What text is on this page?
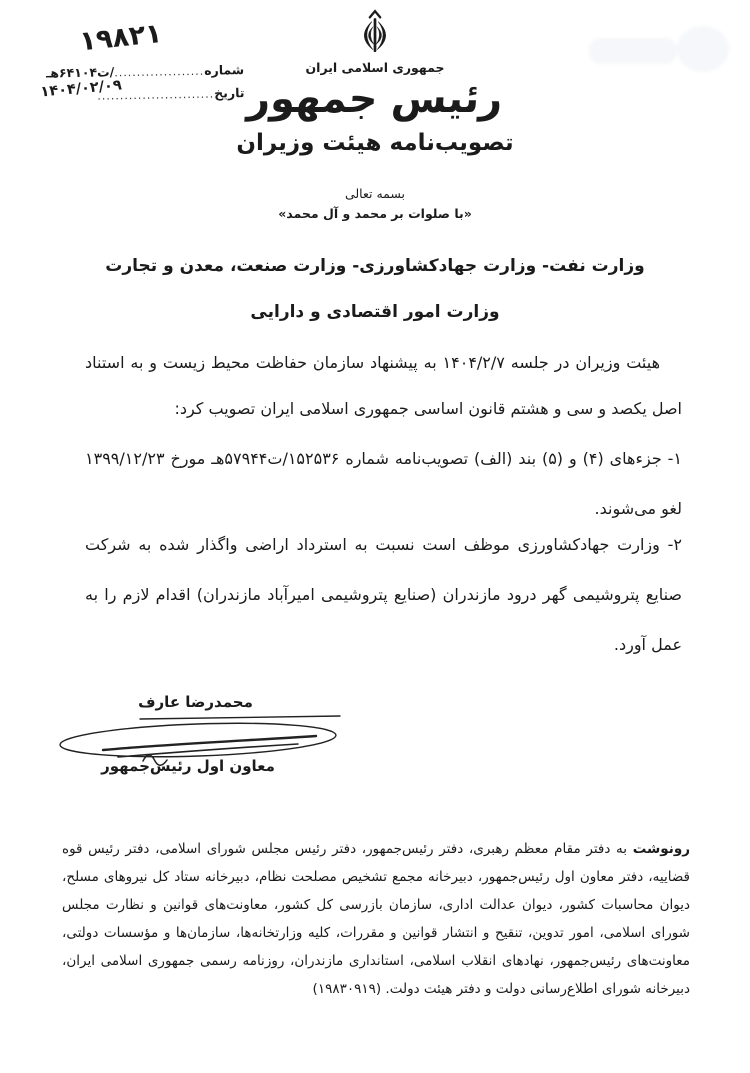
۱۹۸۲۱
شماره
....................
/ت۶۴۱۰۴هـ
تاریخ
..........................
۱۴۰۴/۰۲/۰۹
جمهوری اسلامی ایران
رئیس جمهور
تصویب‌نامه هیئت وزیران
بسمه تعالی
«با صلوات بر محمد و آل محمد»
وزارت نفت- وزارت جهادکشاورزی- وزارت صنعت، معدن و تجارت
وزارت امور اقتصادی و دارایی

هیئت وزیران در جلسه ۱۴۰۴/۲/۷ به پیشنهاد سازمان حفاظت محیط زیست و به استناد اصل یکصد و سی و هشتم قانون اساسی جمهوری اسلامی ایران تصویب کرد:

۱- جزءهای (۴) و (۵) بند (الف) تصویب‌نامه شماره ۱۵۲۵۳۶/ت۵۷۹۴۴هـ مورخ ۱۳۹۹/۱۲/۲۳ لغو می‌شوند.

۲- وزارت جهادکشاورزی موظف است نسبت به استرداد اراضی واگذار شده به شرکت صنایع پتروشیمی گهر درود مازندران (صنایع پتروشیمی امیرآباد مازندران) اقدام لازم را به عمل آورد.

محمدرضا عارف
معاون اول رئیس‌جمهور
رونوشت به دفتر مقام معظم رهبری، دفتر رئیس‌جمهور، دفتر رئیس مجلس شورای اسلامی، دفتر رئیس قوه قضاییه، دفتر معاون اول رئیس‌جمهور، دبیرخانه مجمع تشخیص مصلحت نظام، دبیرخانه ستاد کل نیروهای مسلح، دیوان محاسبات کشور، دیوان عدالت اداری، سازمان بازرسی کل کشور، معاونت‌های قوانین و نظارت مجلس شورای اسلامی، امور تدوین، تنقیح و انتشار قوانین و مقررات، کلیه وزارتخانه‌ها، سازمان‌ها و مؤسسات دولتی، معاونت‌های رئیس‌جمهور، نهادهای انقلاب اسلامی، استانداری مازندران، روزنامه رسمی جمهوری اسلامی ایران، دبیرخانه شورای اطلاع‌رسانی دولت و دفتر هیئت دولت. (۱۹۸۳۰۹۱۹)
